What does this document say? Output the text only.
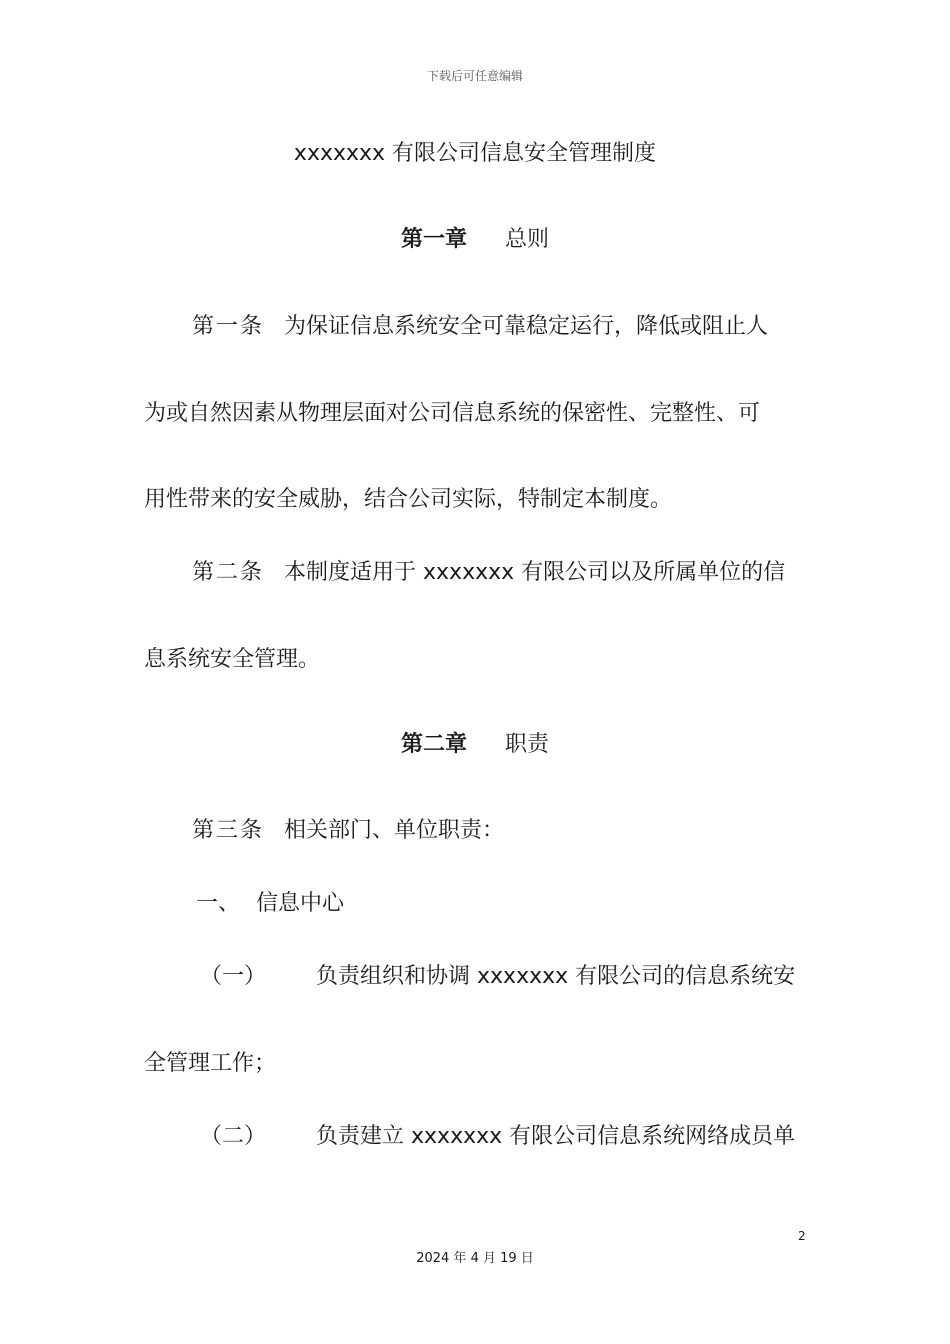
下载后可任意编辑
xxxxxxx 有限公司信息安全管理制度
第一章 总则
第一条 为保证信息系统安全可靠稳定运行，降低或阻止人
为或自然因素从物理层面对公司信息系统的保密性、完整性、可
用性带来的安全威胁，结合公司实际，特制定本制度。
第二条 本制度适用于 xxxxxxx 有限公司以及所属单位的信
息系统安全管理。
第二章 职责
第三条 相关部门、单位职责：
一、 信息中心
（一） 负责组织和协调 xxxxxxx 有限公司的信息系统安
全管理工作；
（二） 负责建立 xxxxxxx 有限公司信息系统网络成员单
2
2024 年 4 月 19 日
